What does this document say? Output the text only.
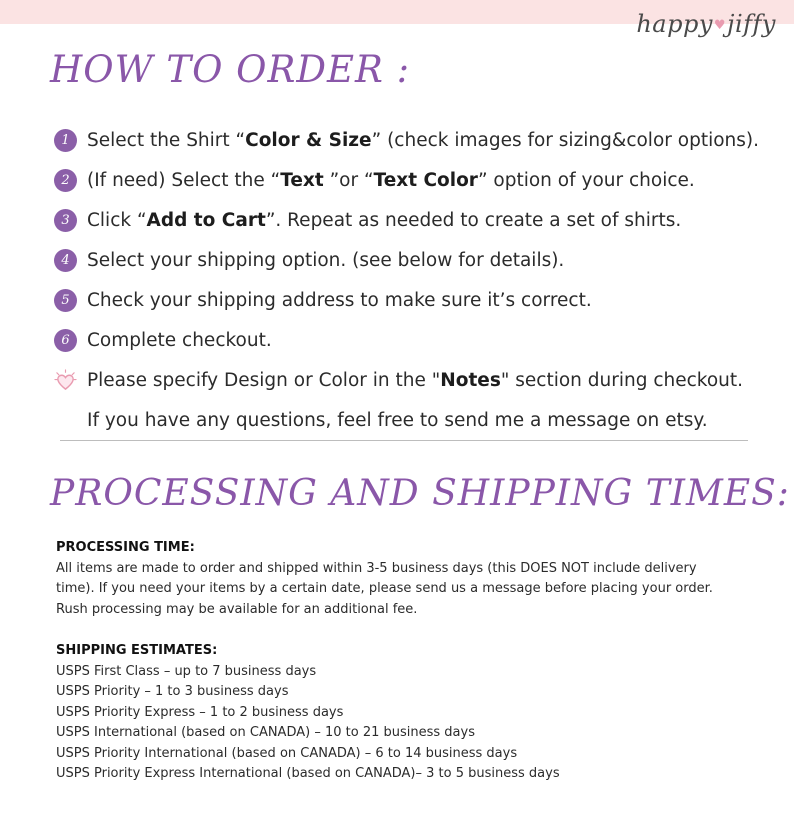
happy♥jiffy
HOW TO ORDER :
1 Select the Shirt “Color & Size” (check images for sizing&color options).
2 (If need) Select the “Text ”or “Text Color” option of your choice.
3 Click “Add to Cart”. Repeat as needed to create a set of shirts.
4 Select your shipping option. (see below for details).
5 Check your shipping address to make sure it’s correct.
6 Complete checkout.
Please specify Design or Color in the "Notes" section during checkout.
If you have any questions, feel free to send me a message on etsy.
PROCESSING AND SHIPPING TIMES:

PROCESSING TIME:

All items are made to order and shipped within 3-5 business days (this DOES NOT include delivery

time). If you need your items by a certain date, please send us a message before placing your order.

Rush processing may be available for an additional fee.

SHIPPING ESTIMATES:

USPS First Class – up to 7 business days

USPS Priority – 1 to 3 business days

USPS Priority Express – 1 to 2 business days

USPS International (based on CANADA) – 10 to 21 business days

USPS Priority International (based on CANADA) – 6 to 14 business days

USPS Priority Express International (based on CANADA)– 3 to 5 business days
